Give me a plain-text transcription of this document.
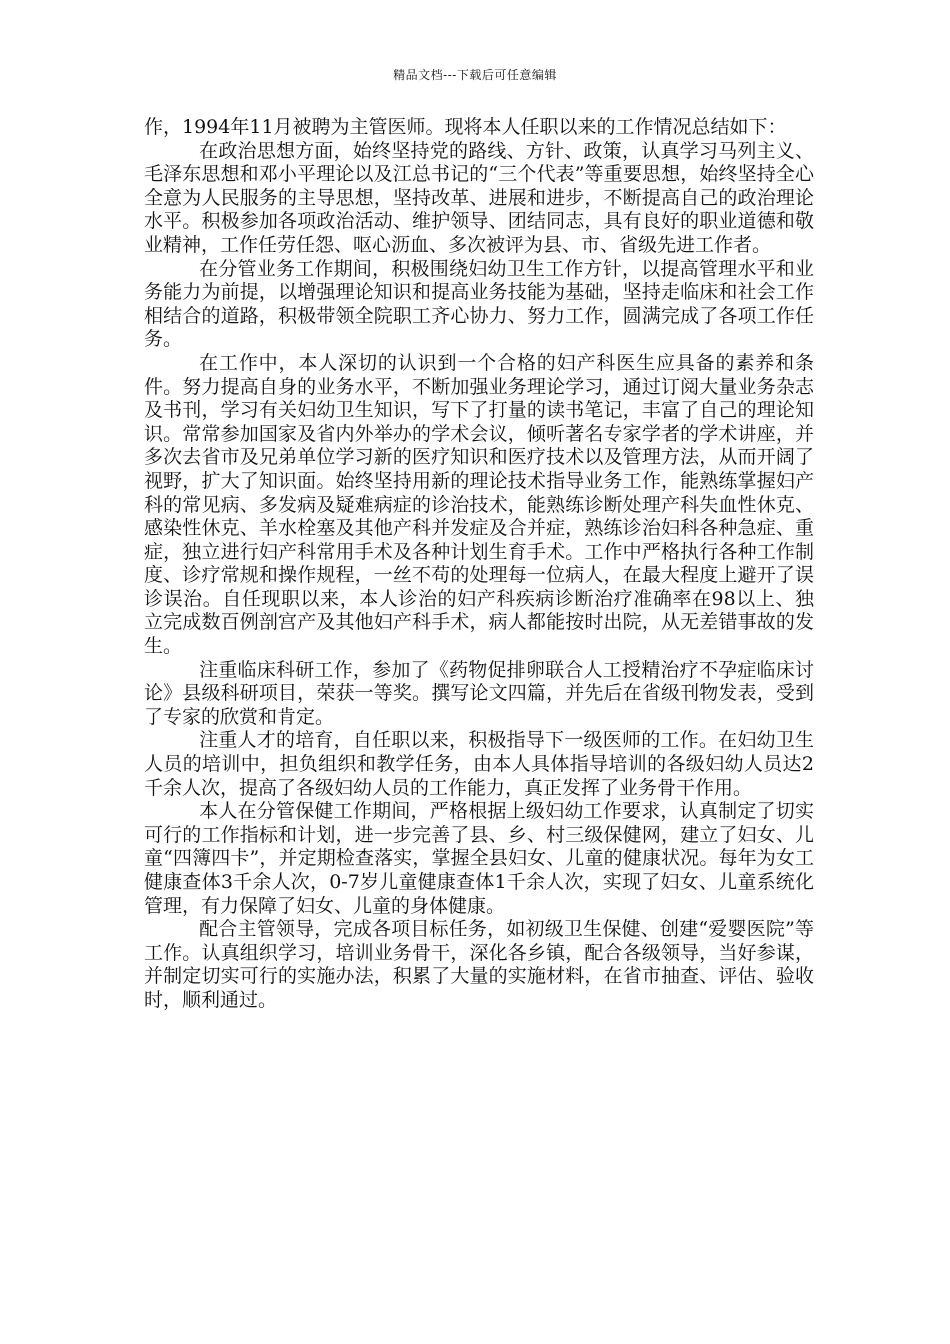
精品文档---下载后可任意编辑

作，1994年11月被聘为主管医师。现将本人任职以来的工作情况总结如下：

在政治思想方面，始终坚持党的路线、方针、政策，认真学习马列主义、毛泽东思想和邓小平理论以及江总书记的“三个代表”等重要思想，始终坚持全心全意为人民服务的主导思想，坚持改革、进展和进步，不断提高自己的政治理论水平。积极参加各项政治活动、维护领导、团结同志，具有良好的职业道德和敬业精神，工作任劳任怨、呕心沥血、多次被评为县、市、省级先进工作者。

在分管业务工作期间，积极围绕妇幼卫生工作方针，以提高管理水平和业务能力为前提，以增强理论知识和提高业务技能为基础，坚持走临床和社会工作相结合的道路，积极带领全院职工齐心协力、努力工作，圆满完成了各项工作任务。

在工作中，本人深切的认识到一个合格的妇产科医生应具备的素养和条件。努力提高自身的业务水平，不断加强业务理论学习，通过订阅大量业务杂志及书刊，学习有关妇幼卫生知识，写下了打量的读书笔记，丰富了自己的理论知识。常常参加国家及省内外举办的学术会议，倾听著名专家学者的学术讲座，并多次去省市及兄弟单位学习新的医疗知识和医疗技术以及管理方法，从而开阔了视野，扩大了知识面。始终坚持用新的理论技术指导业务工作，能熟练掌握妇产科的常见病、多发病及疑难病症的诊治技术，能熟练诊断处理产科失血性休克、感染性休克、羊水栓塞及其他产科并发症及合并症，熟练诊治妇科各种急症、重症，独立进行妇产科常用手术及各种计划生育手术。工作中严格执行各种工作制度、诊疗常规和操作规程，一丝不苟的处理每一位病人，在最大程度上避开了误诊误治。自任现职以来，本人诊治的妇产科疾病诊断治疗准确率在98以上、独立完成数百例剖宫产及其他妇产科手术，病人都能按时出院，从无差错事故的发生。

注重临床科研工作，参加了《药物促排卵联合人工授精治疗不孕症临床讨论》县级科研项目，荣获一等奖。撰写论文四篇，并先后在省级刊物发表，受到了专家的欣赏和肯定。

注重人才的培育，自任职以来，积极指导下一级医师的工作。在妇幼卫生人员的培训中，担负组织和教学任务，由本人具体指导培训的各级妇幼人员达2千余人次，提高了各级妇幼人员的工作能力，真正发挥了业务骨干作用。

本人在分管保健工作期间，严格根据上级妇幼工作要求，认真制定了切实可行的工作指标和计划，进一步完善了县、乡、村三级保健网，建立了妇女、儿童“四簿四卡”，并定期检查落实，掌握全县妇女、儿童的健康状况。每年为女工健康查体3千余人次，0-7岁儿童健康查体1千余人次，实现了妇女、儿童系统化管理，有力保障了妇女、儿童的身体健康。

配合主管领导，完成各项目标任务，如初级卫生保健、创建“爱婴医院”等工作。认真组织学习，培训业务骨干，深化各乡镇，配合各级领导，当好参谋，并制定切实可行的实施办法，积累了大量的实施材料，在省市抽查、评估、验收时，顺利通过。
